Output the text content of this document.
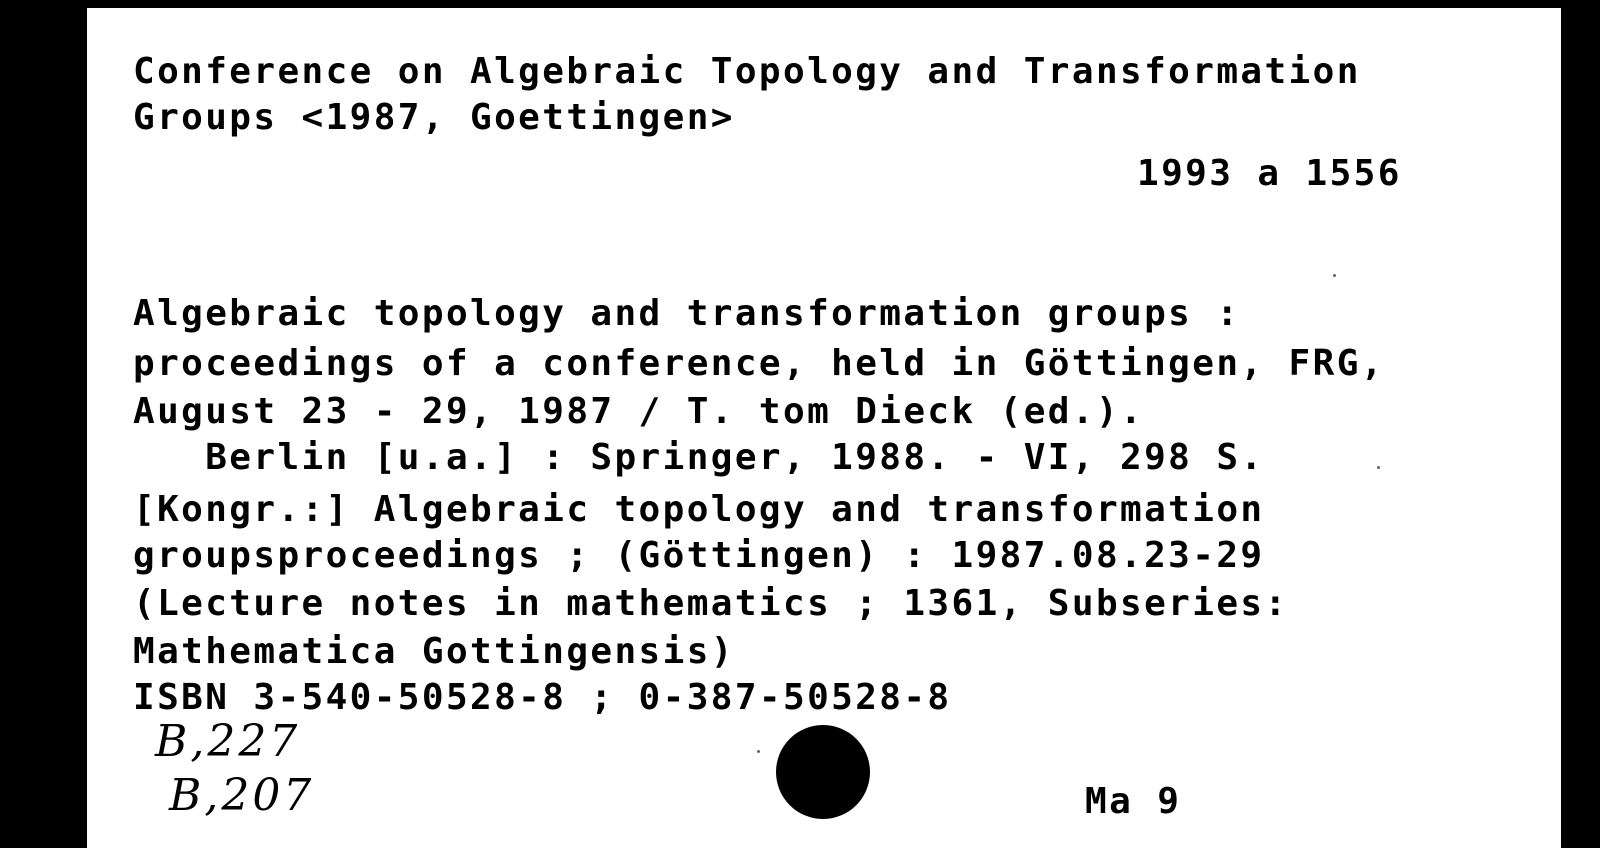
Conference on Algebraic Topology and Transformation

Groups <1987, Goettingen>

1993 a 1556

Algebraic topology and transformation groups :

proceedings of a conference, held in Göttingen, FRG,

August 23 - 29, 1987 / T. tom Dieck (ed.).

Berlin [u.a.] : Springer, 1988. - VI, 298 S.

[Kongr.:] Algebraic topology and transformation

groupsproceedings ; (Göttingen) : 1987.08.23-29

(Lecture notes in mathematics ; 1361, Subseries:

Mathematica Gottingensis)

ISBN 3-540-50528-8 ; 0-387-50528-8

B,227

B,207	Ma 9
